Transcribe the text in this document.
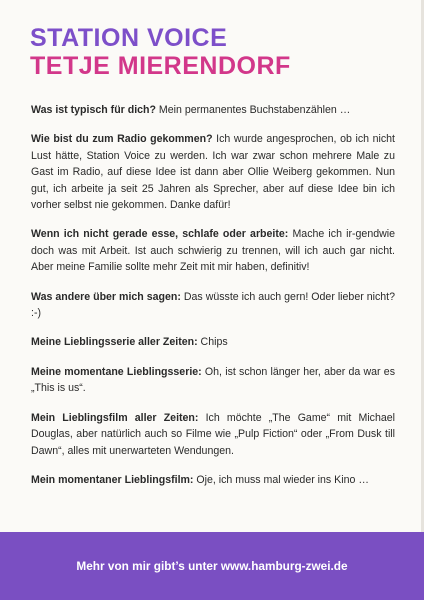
STATION VOICE
TETJE MIERENDORF

Was ist typisch für dich? Mein permanentes Buchstabenzählen …

Wie bist du zum Radio gekommen? Ich wurde angesprochen, ob ich nicht Lust hätte, Station Voice zu werden. Ich war zwar schon mehrere Male zu Gast im Radio, auf diese Idee ist dann aber Ollie Weiberg gekommen. Nun gut, ich arbeite ja seit 25 Jahren als Sprecher, aber auf diese Idee bin ich vorher selbst nie gekommen. Danke dafür!

Wenn ich nicht gerade esse, schlafe oder arbeite: Mache ich ir-gendwie doch was mit Arbeit. Ist auch schwierig zu trennen, will ich auch gar nicht. Aber meine Familie sollte mehr Zeit mit mir haben, definitiv!

Was andere über mich sagen: Das wüsste ich auch gern! Oder lieber nicht? :-)

Meine Lieblingsserie aller Zeiten: Chips

Meine momentane Lieblingsserie: Oh, ist schon länger her, aber da war es „This is us“.

Mein Lieblingsfilm aller Zeiten: Ich möchte „The Game“ mit Michael Douglas, aber natürlich auch so Filme wie „Pulp Fiction“ oder „From Dusk till Dawn“, alles mit unerwarteten Wendungen.

Mein momentaner Lieblingsfilm: Oje, ich muss mal wieder ins Kino …

Mehr von mir gibt’s unter www.hamburg-zwei.de
